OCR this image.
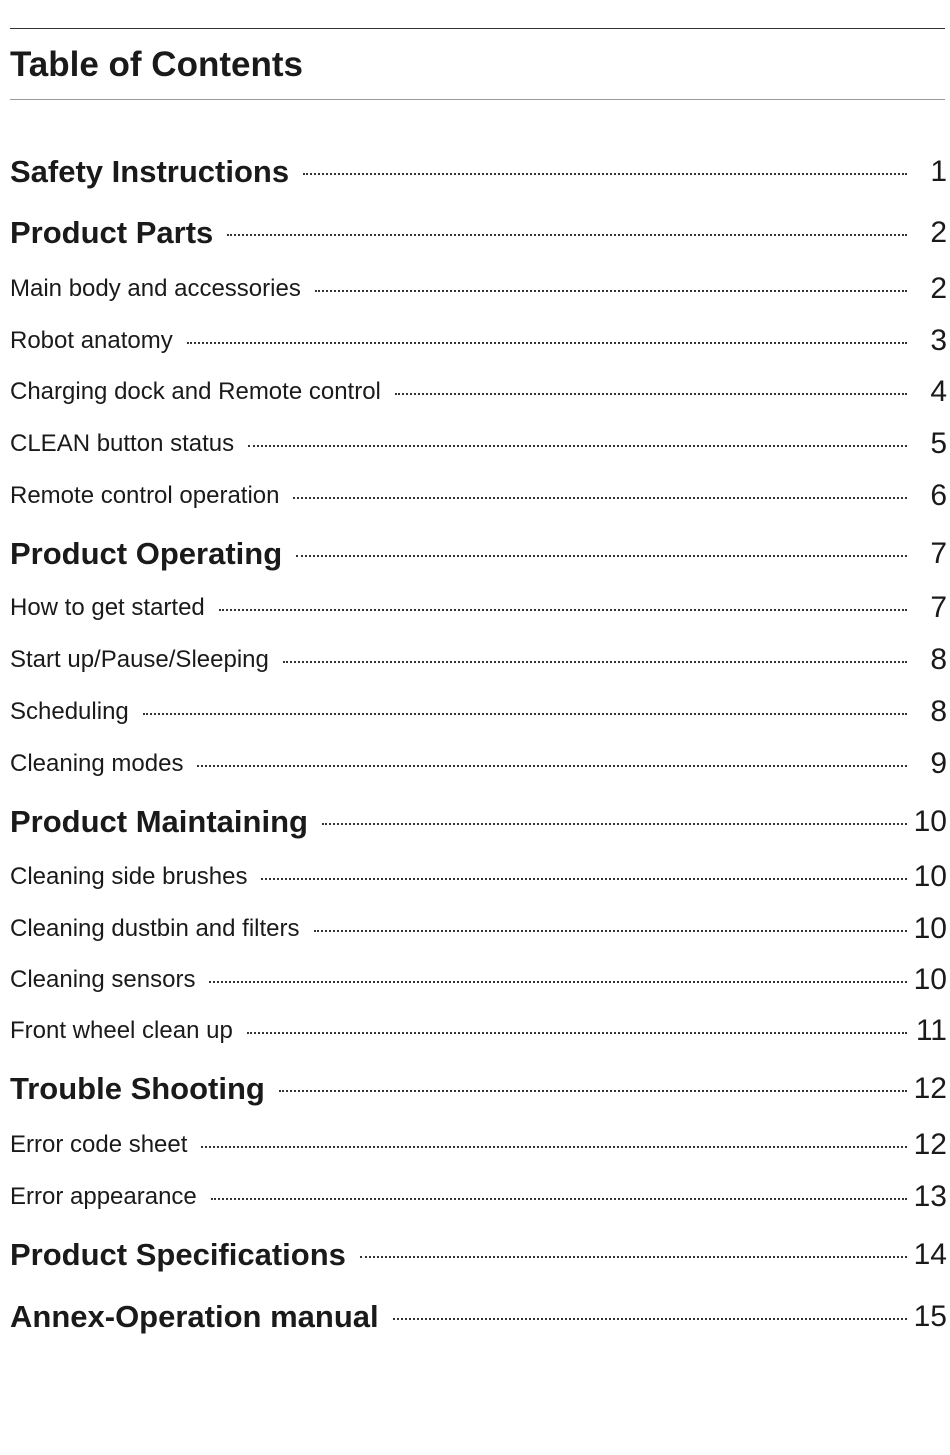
Table of Contents
Safety Instructions	1
Product Parts	2
Main body and accessories	2
Robot anatomy	3
Charging dock and Remote control	4
CLEAN button status	5
Remote control operation	6
Product Operating	7
How to get started	7
Start up/Pause/Sleeping	8
Scheduling	8
Cleaning modes	9
Product Maintaining	10
Cleaning side brushes	10
Cleaning dustbin and filters	10
Cleaning sensors	10
Front wheel clean up	11
Trouble Shooting	12
Error code sheet	12
Error appearance	13
Product Specifications	14
Annex-Operation manual	15
